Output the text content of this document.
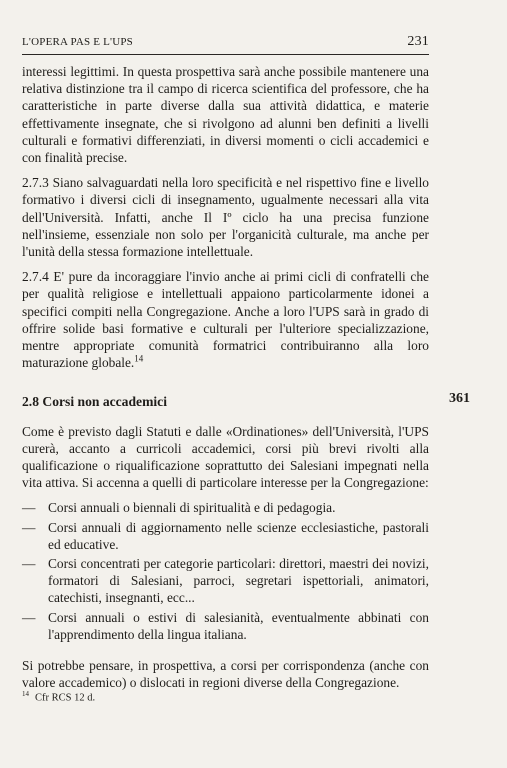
L'OPERA PAS E L'UPS	231

interessi legittimi. In questa prospettiva sarà anche possibile mantenere una relativa distinzione tra il campo di ricerca scientifica del professore, che ha caratteristiche in parte diverse dalla sua attività didattica, e materie effettivamente insegnate, che si rivolgono ad alunni ben definiti a livelli culturali e formativi differenziati, in diversi momenti o cicli accademici e con finalità precise.

2.7.3 Siano salvaguardati nella loro specificità e nel rispettivo fine e livello formativo i diversi cicli di insegnamento, ugualmente necessari alla vita dell'Università. Infatti, anche Il Iº ciclo ha una precisa funzione nell'insieme, essenziale non solo per l'organicità culturale, ma anche per l'unità della stessa formazione intellettuale.

2.7.4 E' pure da incoraggiare l'invio anche ai primi cicli di confratelli che per qualità religiose e intellettuali appaiono particolarmente idonei a specifici compiti nella Congregazione. Anche a loro l'UPS sarà in grado di offrire solide basi formative e culturali per l'ulteriore specializzazione, mentre appropriate comunità formatrici contribuiranno alla loro maturazione globale.$^{14}$

2.8 Corsi non accademici

Come è previsto dagli Statuti e dalle «Ordinationes» dell'Università, l'UPS curerà, accanto a curricoli accademici, corsi più brevi rivolti alla qualificazione o riqualificazione soprattutto dei Salesiani impegnati nella vita attiva. Si accenna a quelli di particolare interesse per la Congregazione:

— Corsi annuali o biennali di spiritualità e di pedagogia.
— Corsi annuali di aggiornamento nelle scienze ecclesiastiche, pastorali ed educative.
— Corsi concentrati per categorie particolari: direttori, maestri dei novizi, formatori di Salesiani, parroci, segretari ispettoriali, animatori, catechisti, insegnanti, ecc...
— Corsi annuali o estivi di salesianità, eventualmente abbinati con l'apprendimento della lingua italiana.

Si potrebbe pensare, in prospettiva, a corsi per corrispondenza (anche con valore accademico) o dislocati in regioni diverse della Congregazione.

361
$^{14}$ Cfr RCS 12 d.
